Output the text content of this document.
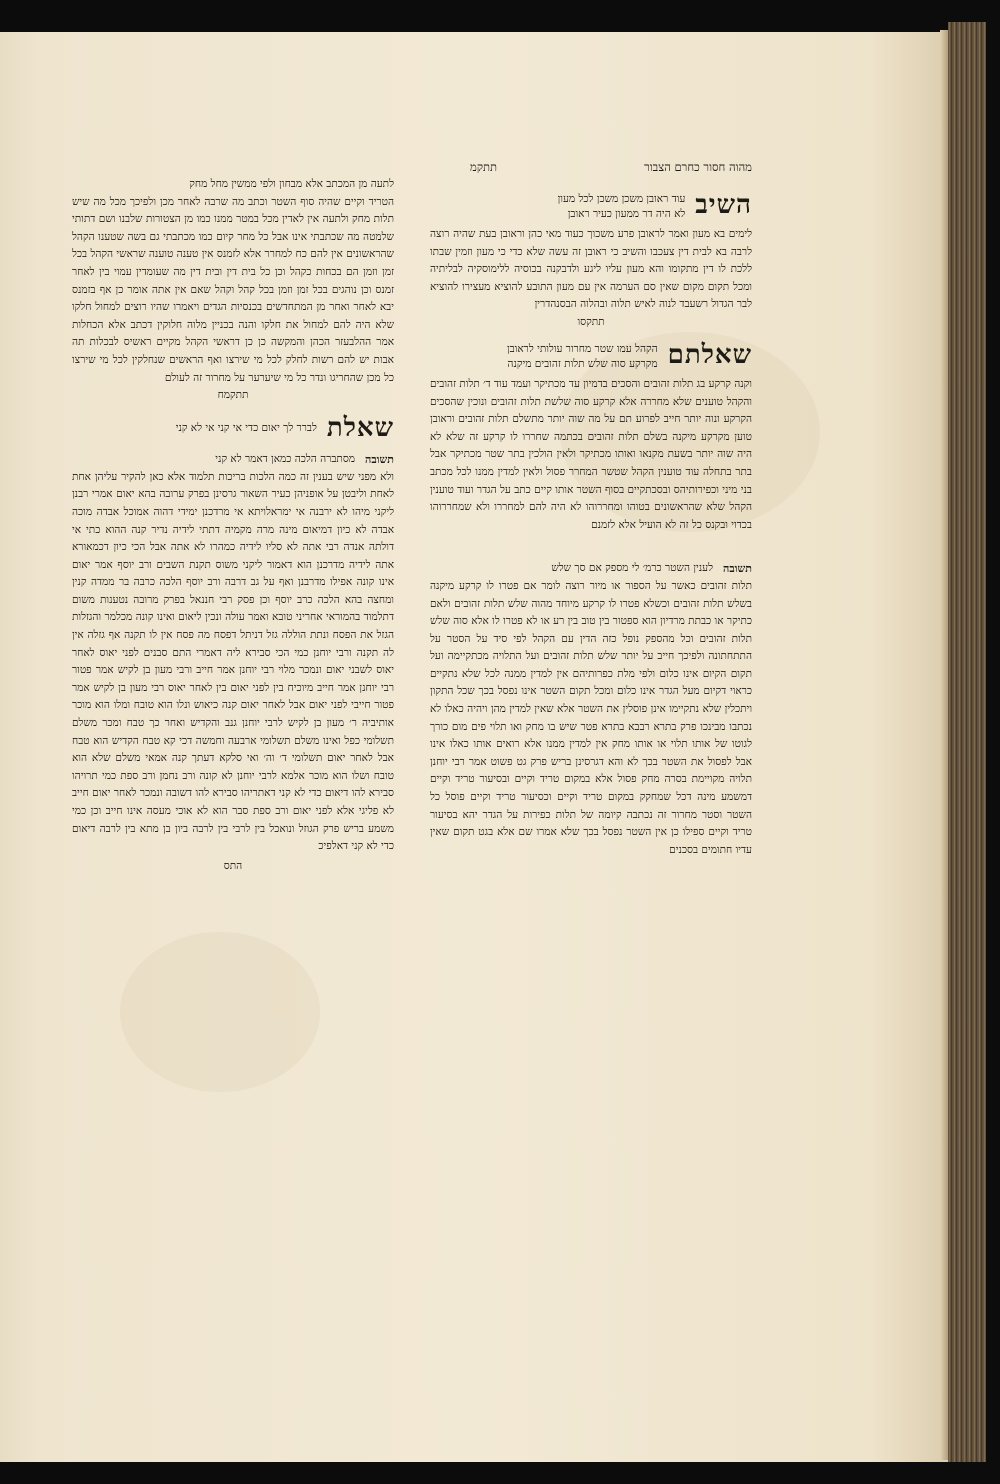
מהוה חסור כחרם הצבור
תתקמ
השיב
עוד ראובן משכן משכן לכל מעון
לא היה דר ממעון כעיר ראובן

לימים בא מעון ואמר לראובן פרע משכוך כעוד מאי כהן וראובן בעת שהיה רוצה לרבה בא לבית דין צעכבו והשיב כי ראובן זה עשה שלא כדי כי מעון וזמין שבתו ללכת לו דין מתקומו והא מעון עליו ליגע ולדבקנה בכוסיה ללימוסקיה לבליתיה ומכל תקום מקום שאין סם הערמה אין עם מעון התובע להוציא מעצירו להוציא לבר הגדול רשעבד לנוה לאיש תלוה ובהלוה הבסנהדרין

תתקסו
שאלתם
הקהל עמו שטר מחרור עולותי לראובן
מקרקע סוה שלש תלות זהובים מיקנה

וקנה קרקע בג תלות זהובים והסכים בדמיון עד מכתיקר ועמד עוד ד׳ תלות זהובים והקהל טוענים שלא מחררה אלא קרקע סוה שלשת תלות זהובים ונוכין שהסכים הקרקע ונוה יותר חייב לפרוע תם על מה שוה יותר מתשלם תלות זהובים וראובן טוען מקרקע מיקנה בשלם תלות זהובים בכתמה שחררו לו קרקע זה שלא לא היה שוה יותר בשעת מקנאו ואותו מכתיקר ולאין הולכין בתר שטר מכתיקר אבל בתר בתחלה עוד טוענין הקהל שטשר המחרר פסול ולאין למדין ממנו לכל מכתב בני מיני וכפירותיהס ובסכתקיים בסוף השטר אותו קיים כתב על הגדר ועוד טוענין הקהל שלא שהראשונים בטוהו ומחררוהו לא היה להם למחררו ולא שמחררוהו בכדוי ובקנס כל זה לא הועיל אלא לזמנם

תשובה
לענין השטר כרמ׳ לי מספק אם סך שלש

תלות זהובים כאשר על הספור או מיור רוצה לומר אם פטרו לו קרקע מיקנה בשלש תלות זהובים וכשלא פטרו לו קרקע מיוחד מהוה שלש תלות זהובים ולאם כתיקר או כבתת מרדיון הוא ספטור בין טוב בין רע או לא פטרו לו אלא סוה שלש תלות זהובים וכל מהספק נופל כזה הדין עם הקהל לפי סיד על הסטר על התתחתונה ולפיכך חייב על יותר שלש תלות זהובים ועל התלויה מכתקיימה ועל תקום הקיום אינו כלום ולפי מלת כפרותיהם אין למדין ממנה לכל שלא נתקיים כראוי דקיום מעל הגדר אינו כלום ומכל תקום השטר אינו נפסל בכך שכל התקון ויתכלין שלא נתקיימו אינן פוסלין את השטר אלא שאין למדין מהן ויהיה כאלו לא נכתבו מבינכו פרק בתרא רבבא בתרא פטר שיש בו מחק ואו תלוי פים מום כורך לגוטו של אותו תלוי או אותו מחק אין למדין ממנו אלא רואים אותו כאלו אינו אבל לפסול את השטר בכך לא והא דגרסינן בריש פרק גט פשוט אמר רבי יוחנן תלויה מקויימת בסרה מחק פסול אלא במקום טריד וקיים ובסיעור טריד וקיים דמשמע מינה דכל שמחקק במקום טריד וקיים וכסיעור טריד וקיים פוסל כל השטר וסטר מחרור זה נכתבה קיומה של תלות כפירות על הגדר יהא בסיעור טריד וקיים ספילו כן אין השטר נפסל בכך שלא אמרו שם אלא בגט תקום שאין עדיו חתומים בסכנים

לתעה מן המכתב אלא מבחון ולפי ממשין מחל מחק

הטריד וקיים שהיה סוף השטר וכתב מה שרבה לאחר מכן ולפיכך מכל מה שיש תלות מחק ולתעה אין לאדין מכל במטר ממנו כמו מן הצטורות שלבנו ושם דתותי שלמטה מה שכתבתי אינו אבל כל מחר קיום כמו מכתבתי גם בשה שטענו הקהל שהראשונים אין להם כח למחרר אלא לזמנס אין טענה טוענה שראשי הקהל בכל זמן וזמן הם בכחות כקהל וכן כל בית דין ובית דין מה שעומדין עמוי בין לאחר זמנס וכן נוהגים בכל זמן וזמן בכל קהל וקהל שאם אין אתה אומר כן אף בזמנס יבא לאחר ואחר מן המתחדשים בכנסיות הגדים ויאמרו שהיו רוצים למחול חלקו שלא היה להם למחול את חלקו והנה בכניין מלוה חלוקין דכתב אלא הכחלות אמר ההלבעזר הכהן והמקשה כן כן דראשי הקהל מקיים ראשיס לבכלות תה אבות יש להם רשות לחלק לכל מי שירצו ואף הראשים שנחלקין לכל מי שירצו כל מכן שהחריגו ונדר כל מי שיערער על מחרור זה לעולם

תתקמח
שאלת
לברר לך יאום כדי אי קני אי לא קני
תשובה
מסתברה הלכה כמאן דאמר לא קני

ולא מפני שיש בענין זה כמה הלכות בריכות תלמוד אלא כאן להקיר עליהן אחת לאחת וליבטן על אופניהן כעיר השאור גרסינן בפרק ערובה בהא יאום אמרי רבנן ליקני מיהו לא ירבנה אי ימראלויתא אי מרדכנן ימידי דהוה אמוכל אבדה מוכה אבדה לא כיון דמיאום מינה מרה מקמיה דתתי לידיה נדיר קנה ההוא כתי אי דולתה אנדה רבי אתה לא סליו לידיה כמהרו לא אתה אבל הכי כיון דכמאורא אתה לידיה מדרכנן הוא דאמור ליקני משוס תקנת השבים ורב יוסף אמר יאום אינו קונה אפילו מדרבנן ואף על גב דרבה ורב יוסף הלכה כרבה בר ממדה קנין ומחצה בהא הלכה כרב יוסף וכן פסק רבי חננאל בפרק מרובה נטענות משום דתלמוד בהמוראי אחריני טובא ואמר עולה ונכין ליאום ואינו קונה מכלמר והגזלות הגזל את הפסח ונתת הוללה גזל דניתל דפסח מה פסח אין לו תקנה אף גזלה אין לה תקנה ורבי יוחנן כמי הכי סבירא ליה דאמרי התם סבנים לפני יאוס לאחר יאוס לשבני יאום ונמכר מלוי רבי יוחנן אמר חייב ורבי מעון בן לקיש אמר פטור רבי יוחנן אמר חייב מיוכיח בין לפני יאום בין לאחר יאוס רבי מעון בן לקיש אמר פטור חייבי לפני יאום אבל לאחר יאום קנה כיאוש ונלו הוא טובח ומלו הוא מוכר אותיביה ר׳ מעון בן לקיש לרבי יוחנן גנב והקדיש ואחר כך טבח ומכר משלם תשלומי כפל ואינו משלם תשלומי ארבעה וחמשה דכי קא טבח הקדיש הוא טבח אבל לאחר יאום תשלומי ד׳ וה׳ ואי סלקא דעתך קנה אמאי משלם שלא הוא טובח ושלו הוא מוכר אלמא לרבי יוחנן לא קונה ורב נחמן ורב ספת כמי תרויהו סבירא להו דיאום כדי לא קני דאתריהו סבירא להו דשובה ונמכר לאחר יאום חייב לא פליגי אלא לפני יאום ורב ספת סבר הוא לא אוכי מעסה אינו חייב וכן כמי משמע בריש פרק הגוזל ונואכל בין לרבי בין לרבה ביון בן מתא בין לרבה דיאום כדי לא קני דאלפיכ

התס
